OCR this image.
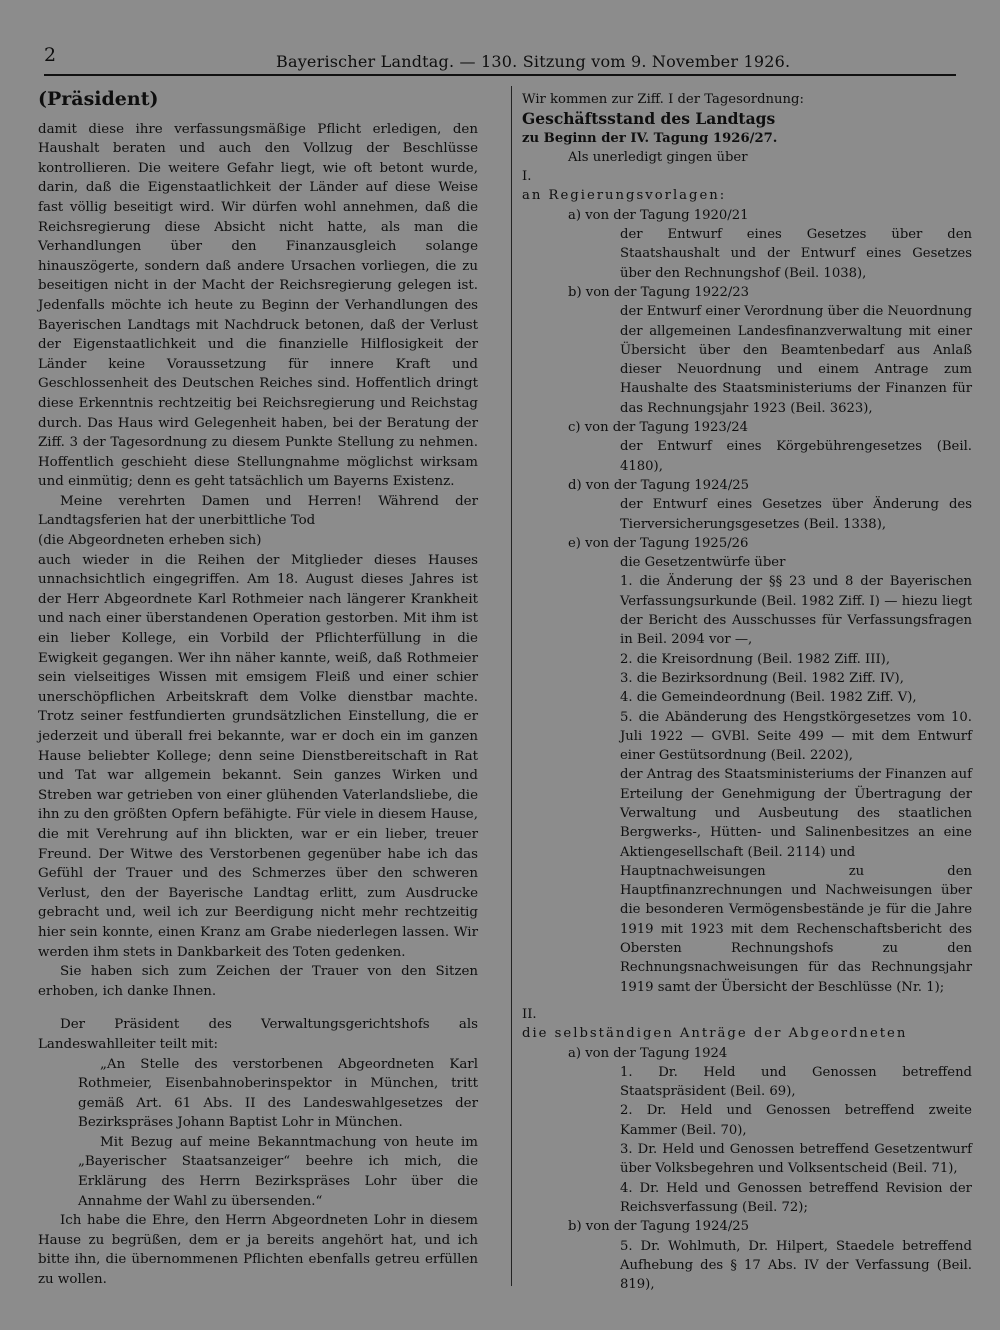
2	Bayerischer Landtag. — 130. Sitzung vom 9. November 1926.
(Präsident)

damit diese ihre verfassungsmäßige Pflicht erledigen, den Haushalt beraten und auch den Vollzug der Beschlüsse kontrollieren. Die weitere Gefahr liegt, wie oft betont wurde, darin, daß die Eigenstaatlichkeit der Länder auf diese Weise fast völlig beseitigt wird. Wir dürfen wohl annehmen, daß die Reichsregierung diese Absicht nicht hatte, als man die Verhandlungen über den Finanzausgleich solange hinauszögerte, sondern daß andere Ursachen vorliegen, die zu beseitigen nicht in der Macht der Reichsregierung gelegen ist. Jedenfalls möchte ich heute zu Beginn der Verhandlungen des Bayerischen Landtags mit Nachdruck betonen, daß der Verlust der Eigenstaatlichkeit und die finanzielle Hilflosigkeit der Länder keine Voraussetzung für innere Kraft und Geschlossenheit des Deutschen Reiches sind. Hoffentlich dringt diese Erkenntnis rechtzeitig bei Reichsregierung und Reichstag durch. Das Haus wird Gelegenheit haben, bei der Beratung der Ziff. 3 der Tagesordnung zu diesem Punkte Stellung zu nehmen. Hoffentlich geschieht diese Stellungnahme möglichst wirksam und einmütig; denn es geht tatsächlich um Bayerns Existenz.

Meine verehrten Damen und Herren! Während der Landtagsferien hat der unerbittliche Tod

(die Abgeordneten erheben sich)

auch wieder in die Reihen der Mitglieder dieses Hauses unnachsichtlich eingegriffen. Am 18. August dieses Jahres ist der Herr Abgeordnete Karl Rothmeier nach längerer Krankheit und nach einer überstandenen Operation gestorben. Mit ihm ist ein lieber Kollege, ein Vorbild der Pflichterfüllung in die Ewigkeit gegangen. Wer ihn näher kannte, weiß, daß Rothmeier sein vielseitiges Wissen mit emsigem Fleiß und einer schier unerschöpflichen Arbeitskraft dem Volke dienstbar machte. Trotz seiner festfundierten grundsätzlichen Einstellung, die er jederzeit und überall frei bekannte, war er doch ein im ganzen Hause beliebter Kollege; denn seine Dienstbereitschaft in Rat und Tat war allgemein bekannt. Sein ganzes Wirken und Streben war getrieben von einer glühenden Vaterlandsliebe, die ihn zu den größten Opfern befähigte. Für viele in diesem Hause, die mit Verehrung auf ihn blickten, war er ein lieber, treuer Freund. Der Witwe des Verstorbenen gegenüber habe ich das Gefühl der Trauer und des Schmerzes über den schweren Verlust, den der Bayerische Landtag erlitt, zum Ausdrucke gebracht und, weil ich zur Beerdigung nicht mehr rechtzeitig hier sein konnte, einen Kranz am Grabe niederlegen lassen. Wir werden ihm stets in Dankbarkeit des Toten gedenken.

Sie haben sich zum Zeichen der Trauer von den Sitzen erhoben, ich danke Ihnen.

Der Präsident des Verwaltungsgerichtshofs als Landeswahlleiter teilt mit:

„An Stelle des verstorbenen Abgeordneten Karl Rothmeier, Eisenbahnoberinspektor in München, tritt gemäß Art. 61 Abs. II des Landeswahlgesetzes der Bezirkspräses Johann Baptist Lohr in München.

Mit Bezug auf meine Bekanntmachung von heute im „Bayerischer Staatsanzeiger“ beehre ich mich, die Erklärung des Herrn Bezirkspräses Lohr über die Annahme der Wahl zu übersenden.“

Ich habe die Ehre, den Herrn Abgeordneten Lohr in diesem Hause zu begrüßen, dem er ja bereits angehört hat, und ich bitte ihn, die übernommenen Pflichten ebenfalls getreu erfüllen zu wollen.

Wir kommen zur Ziff. I der Tagesordnung:

Geschäftsstand des Landtags

zu Beginn der IV. Tagung 1926/27.

Als unerledigt gingen über

I.

an Regierungsvorlagen:

a) von der Tagung 1920/21

der Entwurf eines Gesetzes über den Staatshaushalt und der Entwurf eines Gesetzes über den Rechnungshof (Beil. 1038),

b) von der Tagung 1922/23

der Entwurf einer Verordnung über die Neuordnung der allgemeinen Landesfinanzverwaltung mit einer Übersicht über den Beamtenbedarf aus Anlaß dieser Neuordnung und einem Antrage zum Haushalte des Staatsministeriums der Finanzen für das Rechnungsjahr 1923 (Beil. 3623),

c) von der Tagung 1923/24

der Entwurf eines Körgebührengesetzes (Beil. 4180),

d) von der Tagung 1924/25

der Entwurf eines Gesetzes über Änderung des Tierversicherungsgesetzes (Beil. 1338),

e) von der Tagung 1925/26

die Gesetzentwürfe über

1. die Änderung der §§ 23 und 8 der Bayerischen Verfassungsurkunde (Beil. 1982 Ziff. I) — hiezu liegt der Bericht des Ausschusses für Verfassungsfragen in Beil. 2094 vor —,

2. die Kreisordnung (Beil. 1982 Ziff. III),

3. die Bezirksordnung (Beil. 1982 Ziff. IV),

4. die Gemeindeordnung (Beil. 1982 Ziff. V),

5. die Abänderung des Hengstkörgesetzes vom 10. Juli 1922 — GVBl. Seite 499 — mit dem Entwurf einer Gestütsordnung (Beil. 2202),

der Antrag des Staatsministeriums der Finanzen auf Erteilung der Genehmigung der Übertragung der Verwaltung und Ausbeutung des staatlichen Bergwerks-, Hütten- und Salinenbesitzes an eine Aktiengesellschaft (Beil. 2114) und

Hauptnachweisungen zu den Hauptfinanzrechnungen und Nachweisungen über die besonderen Vermögensbestände je für die Jahre 1919 mit 1923 mit dem Rechenschaftsbericht des Obersten Rechnungshofs zu den Rechnungsnachweisungen für das Rechnungsjahr 1919 samt der Übersicht der Beschlüsse (Nr. 1);

II.

die selbständigen Anträge der Abgeordneten

a) von der Tagung 1924

1. Dr. Held und Genossen betreffend Staatspräsident (Beil. 69),

2. Dr. Held und Genossen betreffend zweite Kammer (Beil. 70),

3. Dr. Held und Genossen betreffend Gesetzentwurf über Volksbegehren und Volksentscheid (Beil. 71),

4. Dr. Held und Genossen betreffend Revision der Reichsverfassung (Beil. 72);

b) von der Tagung 1924/25

5. Dr. Wohlmuth, Dr. Hilpert, Staedele betreffend Aufhebung des § 17 Abs. IV der Verfassung (Beil. 819),
